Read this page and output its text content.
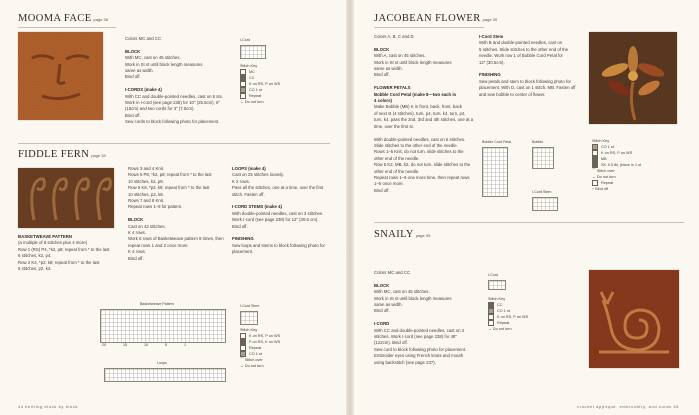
MOOMA FACE page 38

Colors MC and CC

BLOCK

With MC, cast on 45 stitches.

Work in St st until block length measures

same as width.

Bind off.

I-CORDS (make 4)

With CC and double-pointed needles, cast on 5 sts.

Work in I-cord (see page 238) for 10" (25.5cm), 6"

(15cm) and two cords for 3" (7.5cm).

Bind off.

Sew cords to block following photo for placement.

I-Cord
Stitch Key
MC
CC
K on RS, P on WS
CO 1 st
Repeat
→ Do not turn
FIDDLE FERN page 39

Rows 3 and 4 Knit.

Rows 5 P8, *k2, p8; repeat from * to the last

10 stitches, k2, p8.

Row 6 K8, *p2, k8; repeat from * to the last

10 stitches, p2, k8.

Rows 7 and 8 Knit.

Repeat rows 1–8 for pattern.

BLOCK

Cast on 42 stitches.

K 4 rows.

Work 8 rows of Basketweave pattern 8 times, then

repeat rows 1 and 2 once more.

K 4 rows.

Bind off.

LOOPS (make 4)

Cast on 25 stitches loosely.

K 2 rows.

Pass all the stitches, one at a time, over the first

stitch. Fasten off.

I-CORD STEMS (make 4)

With double-pointed needles, cast on 3 stitches.

Work I-cord (see page 238) for 12" (30.5 cm).

Bind off.

FINISHING

Sew loops and stems to block following photo for

placement.

BASKETWEAVE PATTERN

(a multiple of 8 stitches plus 4 more)

Row 1 (RS) P4, *k2, p8; repeat from * to the last

6 stitches, k2, p4.

Row 2 K4, *p2, k8; repeat from * to the last

6 stitches, p2, k4.

Basketweave Pattern
20	15	10	5	1
Loops
I-Cord Stem
Stitch Key
K on RS, P on WS
P on RS, K on WS
Repeat
CO 1 st
⌒ Stitch over
→ Do not turn
44 knitting block by block
JACOBEAN FLOWER page 39

Colors A, B, C and D

BLOCK

With A, cast on 45 stitches.

Work in St st until block length measures

same as width.

Bind off.

FLOWER PETALS

Bobble Cord Petal (make 8—two each in

4 colors)

Make Bobble (MB) K in front, back, front, back

of next st (4 stitches), turn, p4, turn, k4, turn, p4,

turn, k4, pass the 2nd, 3rd and 4th stitches, one at a

time, over the first st.

With double-pointed needles, cast on 5 stitches.

Slide stitches to the other end of the needle.

Rows 1–5 Knit, do not turn, slide stitches to the

other end of the needle.

Row 6 K2, MB, k2, do not turn, slide stitches to the

other end of the needle.

Repeat rows 1–6 one more time, then repeat rows

1–5 once more.

Bind off.

I-Cord Stem

With B and double-pointed needles, cast on

5 stitches. Slide stitches to the other end of the

needle. Work row 1 of Bobble Cord Petal for

12" (30.5cm).

FINISHING

Sew petals and stem to block following photo for

placement. With D, cast on 1 stitch, MB. Fasten off

and sew bobble to center of flower.

Bobble Cord Petal	Bobble
I-Cord Stem
Stitch Key
CO 1 st
K on RS, P on WS
MB
SK, K3 tbl, (twice in 1 st
⌒ Stitch over
→ Do not turn
Repeat
⌐ Bind off
SNAILY page 39

Colors MC and CC

BLOCK

With MC, cast on 45 stitches.

Work in St st until block length measures

same as width.

Bind off.

I-CORD

With CC and double-pointed needles, cast on 3

stitches. Work I-cord (see page 238) for 48"

(122cm). Bind off.

Sew cord to block following photo for placement.

Embroider eyes using French knots and mouth

using backstitch (see page 237).

I-Cord
Stitch Key
CC
CO 1 st
K on RS, P on WS
Repeat
→ Do not turn
crochet appliqué, embroidery, and cords 45
